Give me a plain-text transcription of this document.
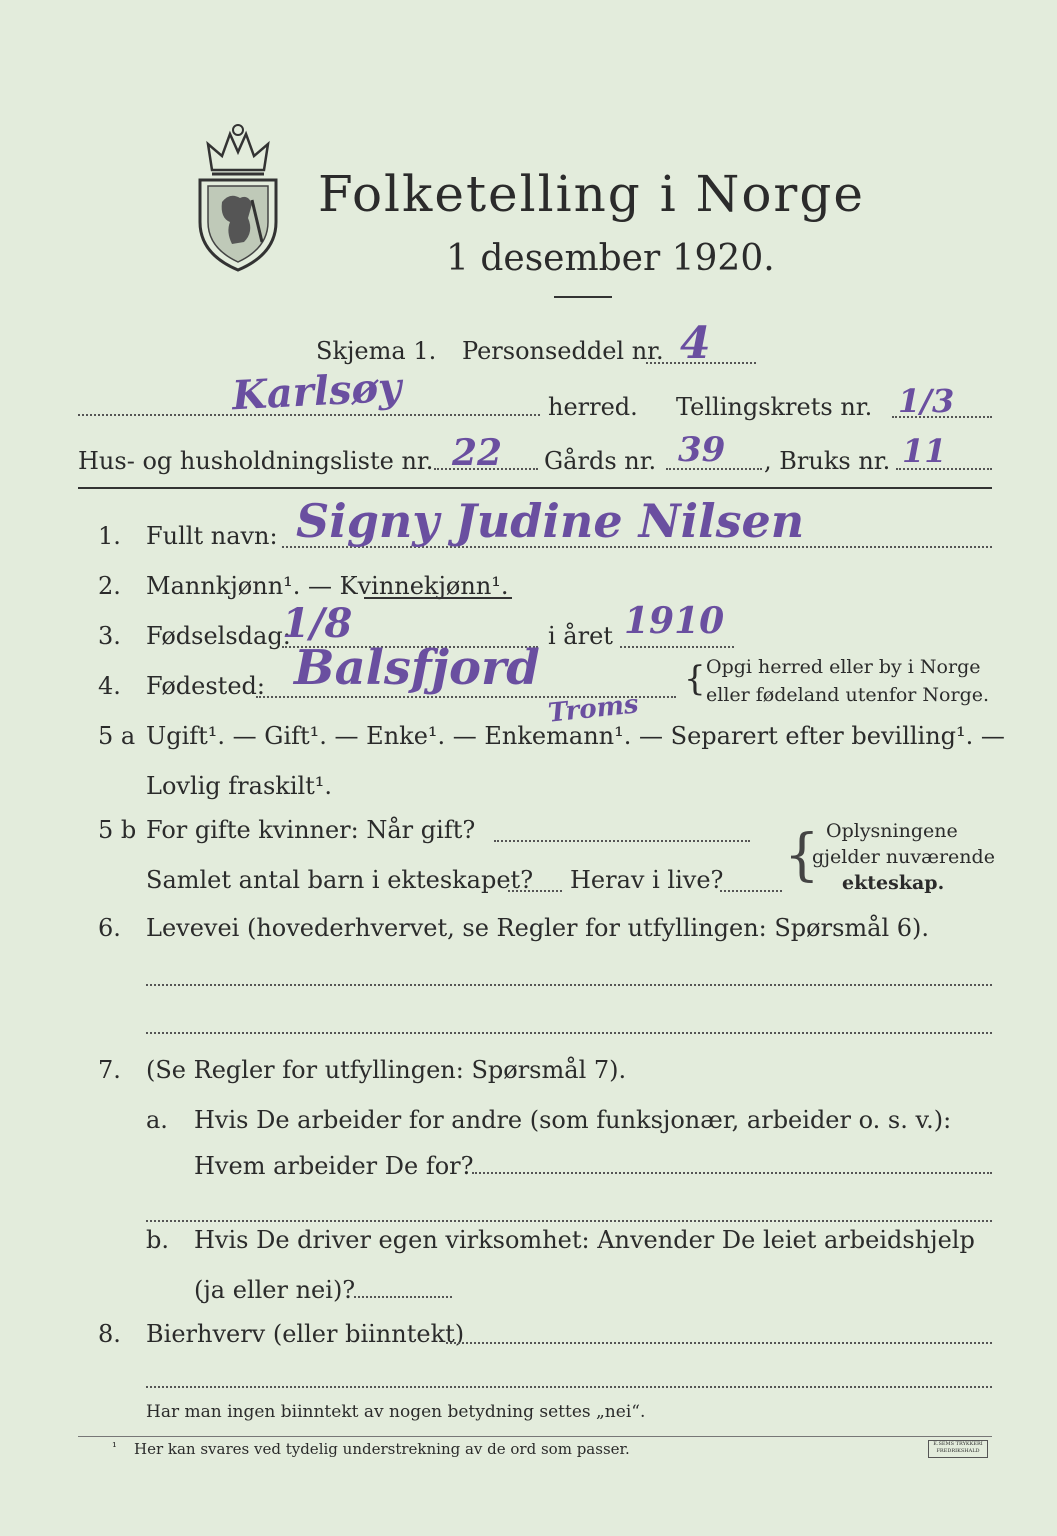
Folketelling i Norge
1 desember 1920.
Skjema 1. Personseddel nr. 4
Karlsøy	herred. Tellingskrets nr. 1/3
Hus- og husholdningsliste nr. 22 Gårds nr. 39 , Bruks nr. 11
1. Fullt navn: Signy Judine Nilsen
2. Mannkjønn¹. — Kvinnekjønn¹.
3. Fødselsdag:
1/8	i året 1910
4. Fødested: Balsfjord
Troms
{ Opgi herred eller by i Norge
eller fødeland utenfor Norge.
5 a Ugift¹. — Gift¹. — Enke¹. — Enkemann¹. — Separert efter bevilling¹. —
Lovlig fraskilt¹.
5 b For gifte kvinner: Når gift?
Samlet antal barn i ekteskapet? Herav i live? { Oplysningene
gjelder nuværende
ekteskap.
6. Levevei (hovederhvervet, se Regler for utfyllingen: Spørsmål 6).
7. (Se Regler for utfyllingen: Spørsmål 7).
a. Hvis De arbeider for andre (som funksjonær, arbeider o. s. v.):
Hvem arbeider De for?
b. Hvis De driver egen virksomhet: Anvender De leiet arbeidshjelp
(ja eller nei)?
8. Bierhverv (eller biinntekt)
Har man ingen biinntekt av nogen betydning settes „nei“.
¹ Her kan svares ved tydelig understrekning av de ord som passer.	E.SEMS TRYKKERI FREDRIKSHALD
